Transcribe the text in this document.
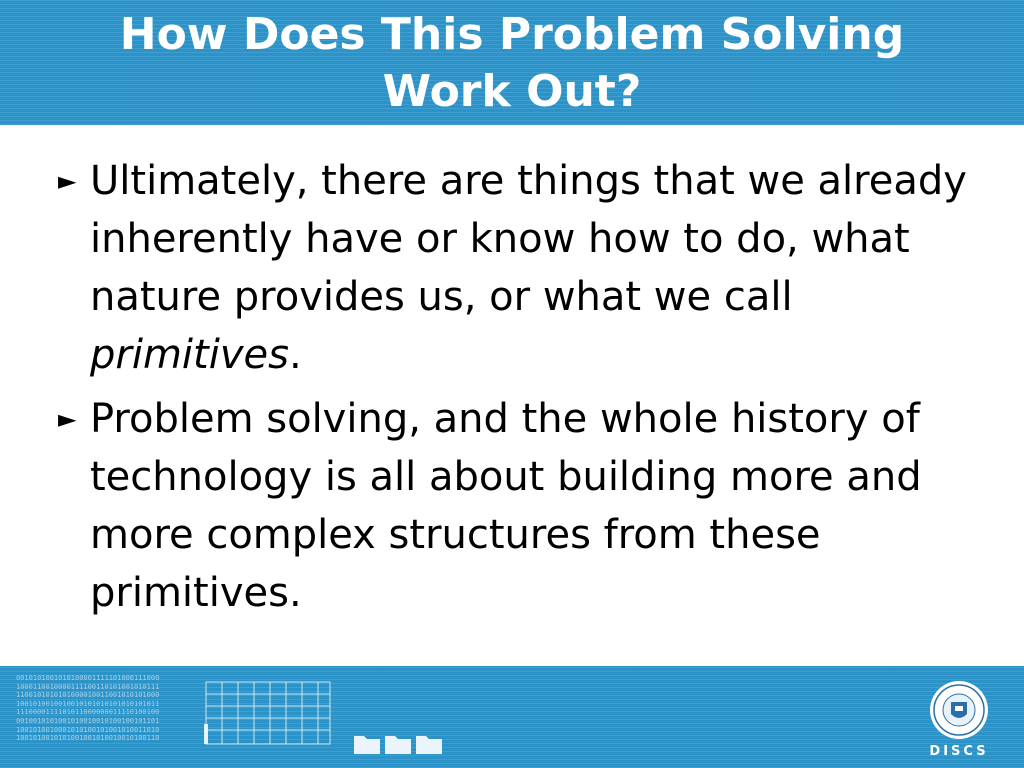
How Does This Problem Solving
Work Out?
► Ultimately, there are things that we already inherently have or know how to do, what nature provides us, or what we call primitives.
► Problem solving, and the whole history of technology is all about building more and more complex structures from these primitives.
0010101001010100001111101000111000
1000110010000111100110101001010111
1100101010101000010011001010101000
1001010010010010101010101010101011
1110000111101011000000011110100100
0010010101001010010010100100101101
1001010010001010100101001010011010
1001010010101001001010010010100110
DISCS
